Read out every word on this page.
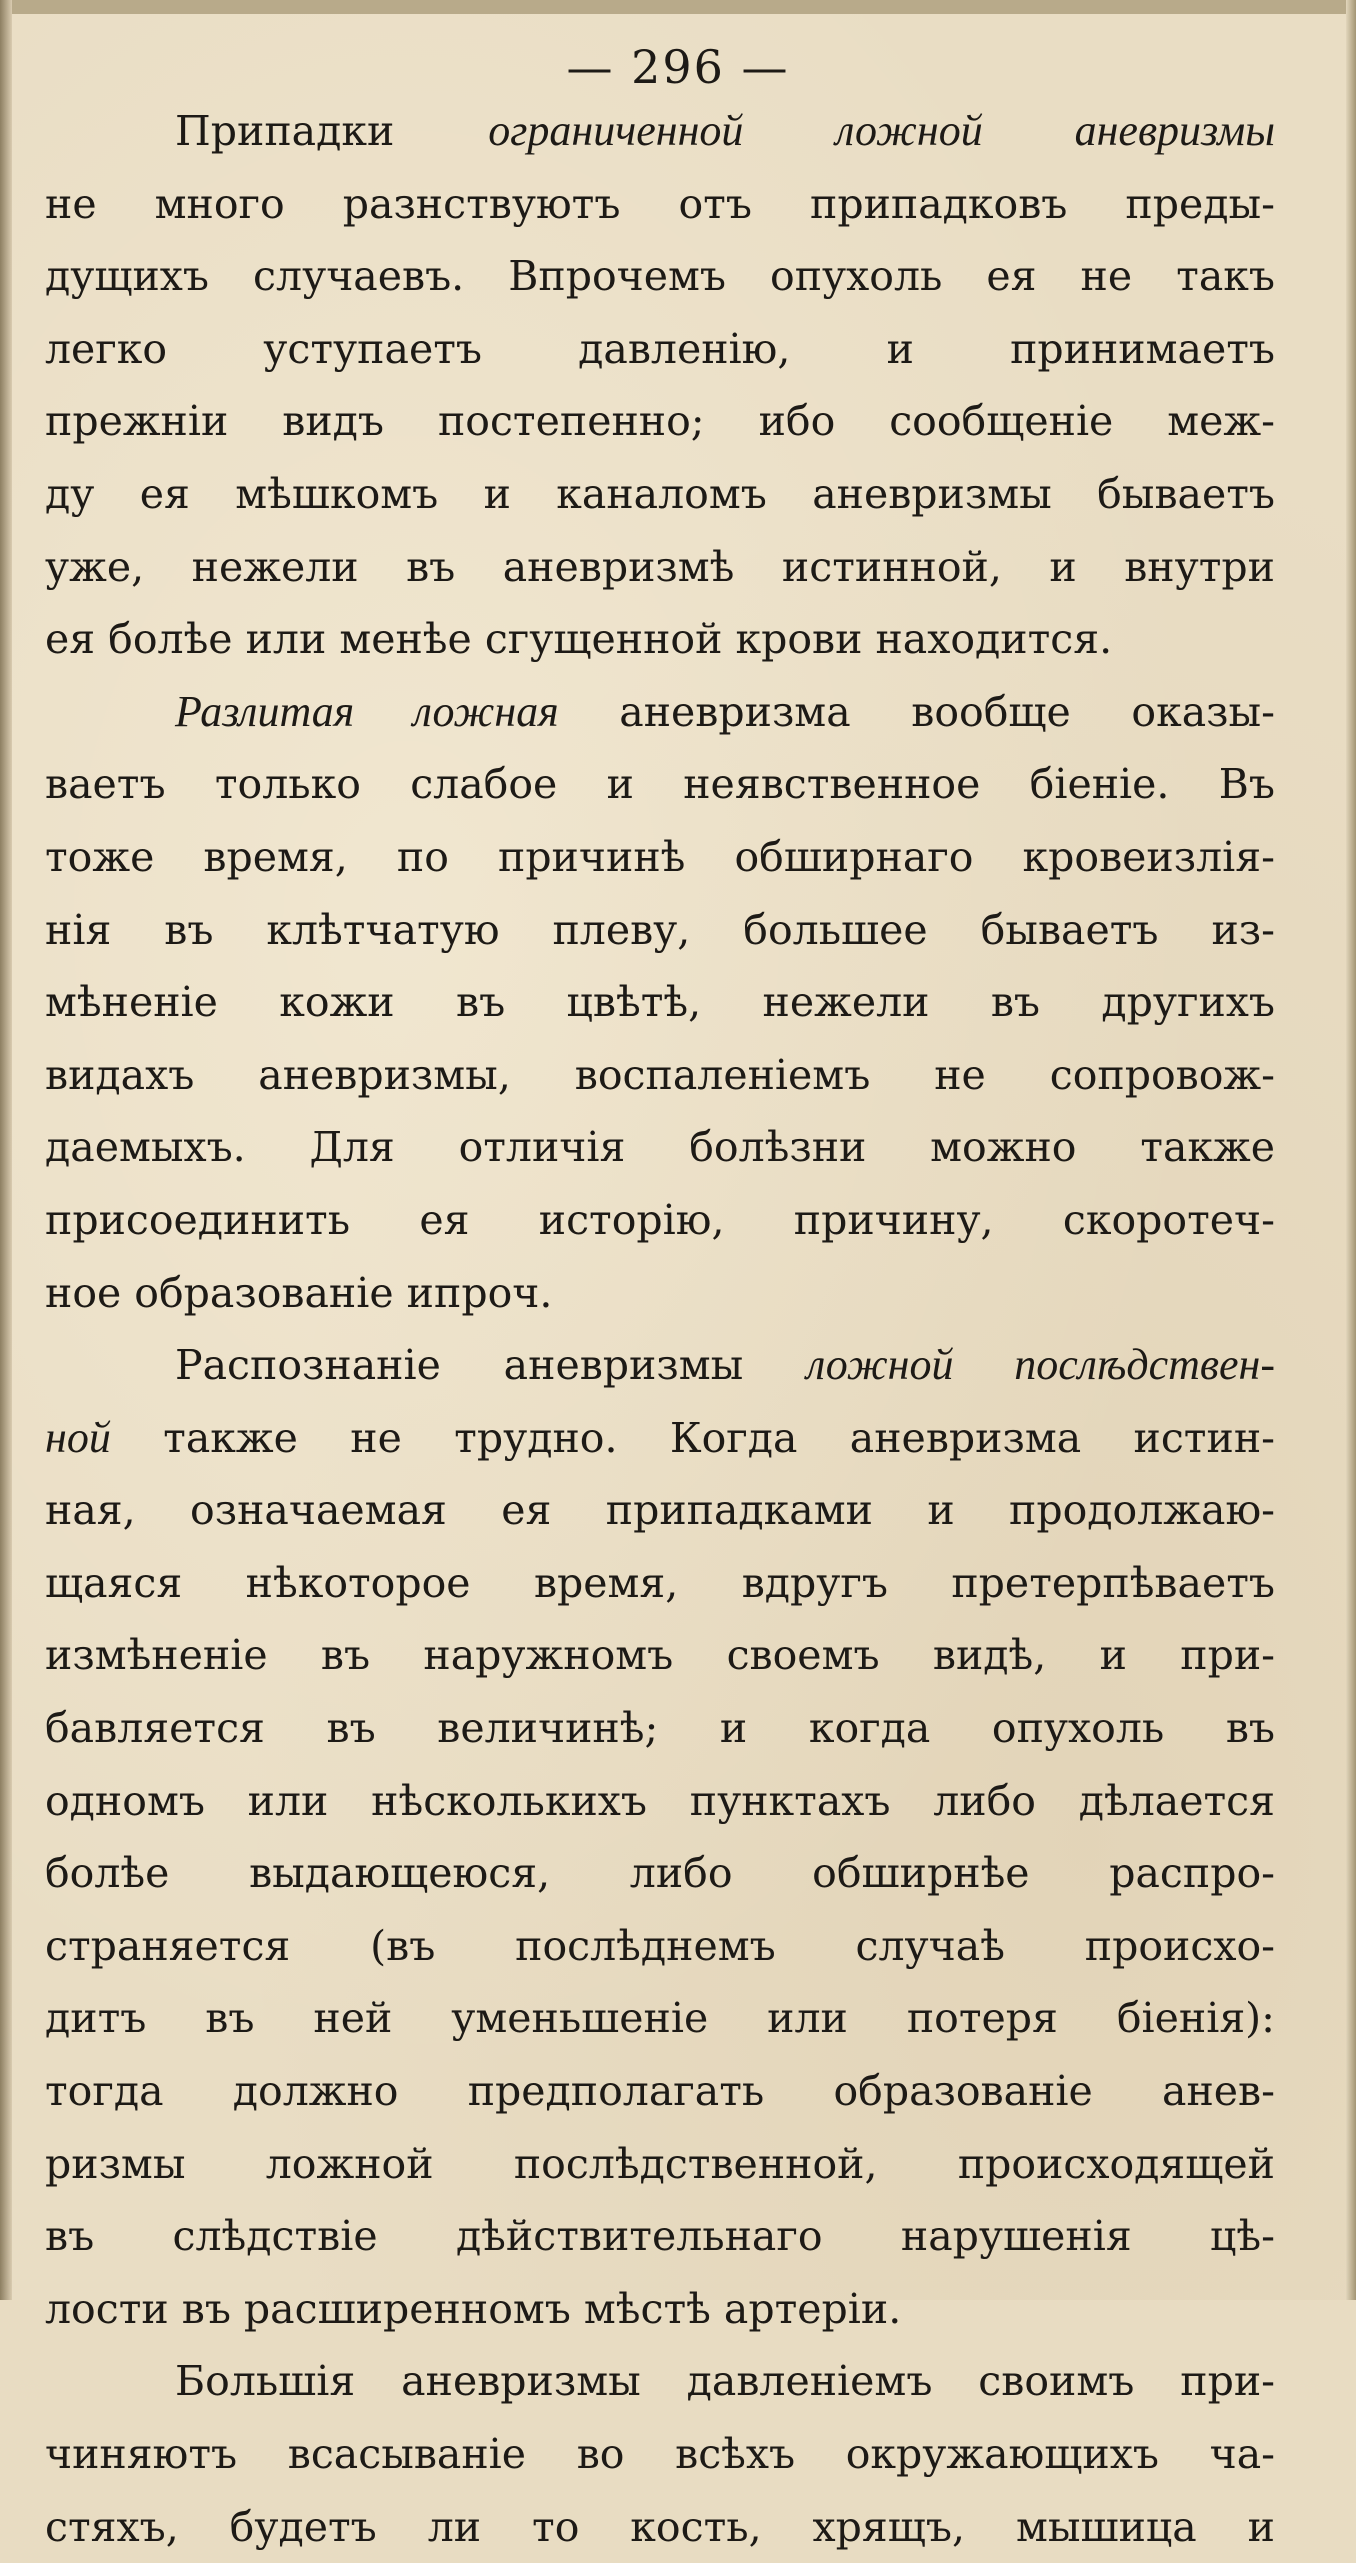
— 296 —
Припадки ограниченной ложной аневризмы
не много разнствуютъ отъ припадковъ преды-
дущихъ случаевъ. Впрочемъ опухоль ея не такъ
легко уступаетъ давленію, и принимаетъ
прежніи видъ постепенно; ибо сообщеніе меж-
ду ея мѣшкомъ и каналомъ аневризмы бываетъ
уже, нежели въ аневризмѣ истинной, и внутри
ея болѣе или менѣе сгущенной крови находится.
Разлитая ложная аневризма вообще оказы-
ваетъ только слабое и неявственное біеніе. Въ
тоже время, по причинѣ обширнаго кровеизлія-
нія въ клѣтчатую плеву, большее бываетъ из-
мѣненіе кожи въ цвѣтѣ, нежели въ другихъ
видахъ аневризмы, воспаленіемъ не сопровож-
даемыхъ. Для отличія болѣзни можно также
присоединить ея исторію, причину, скоротеч-
ное образованіе ипроч.
Распознаніе аневризмы ложной послѣдствен-
ной также не трудно. Когда аневризма истин-
ная, означаемая ея припадками и продолжаю-
щаяся нѣкоторое время, вдругъ претерпѣваетъ
измѣненіе въ наружномъ своемъ видѣ, и при-
бавляется въ величинѣ; и когда опухоль въ
одномъ или нѣсколькихъ пунктахъ либо дѣлается
болѣе выдающеюся, либо обширнѣе распро-
страняется (въ послѣднемъ случаѣ происхо-
дитъ въ ней уменьшеніе или потеря біенія):
тогда должно предполагать образованіе анев-
ризмы ложной послѣдственной, происходящей
въ слѣдствіе дѣйствительнаго нарушенія цѣ-
лости въ расширенномъ мѣстѣ артеріи.
Большія аневризмы давленіемъ своимъ при-
чиняютъ всасываніе во всѣхъ окружающихъ ча-
стяхъ, будетъ ли то кость, хрящъ, мышица и
